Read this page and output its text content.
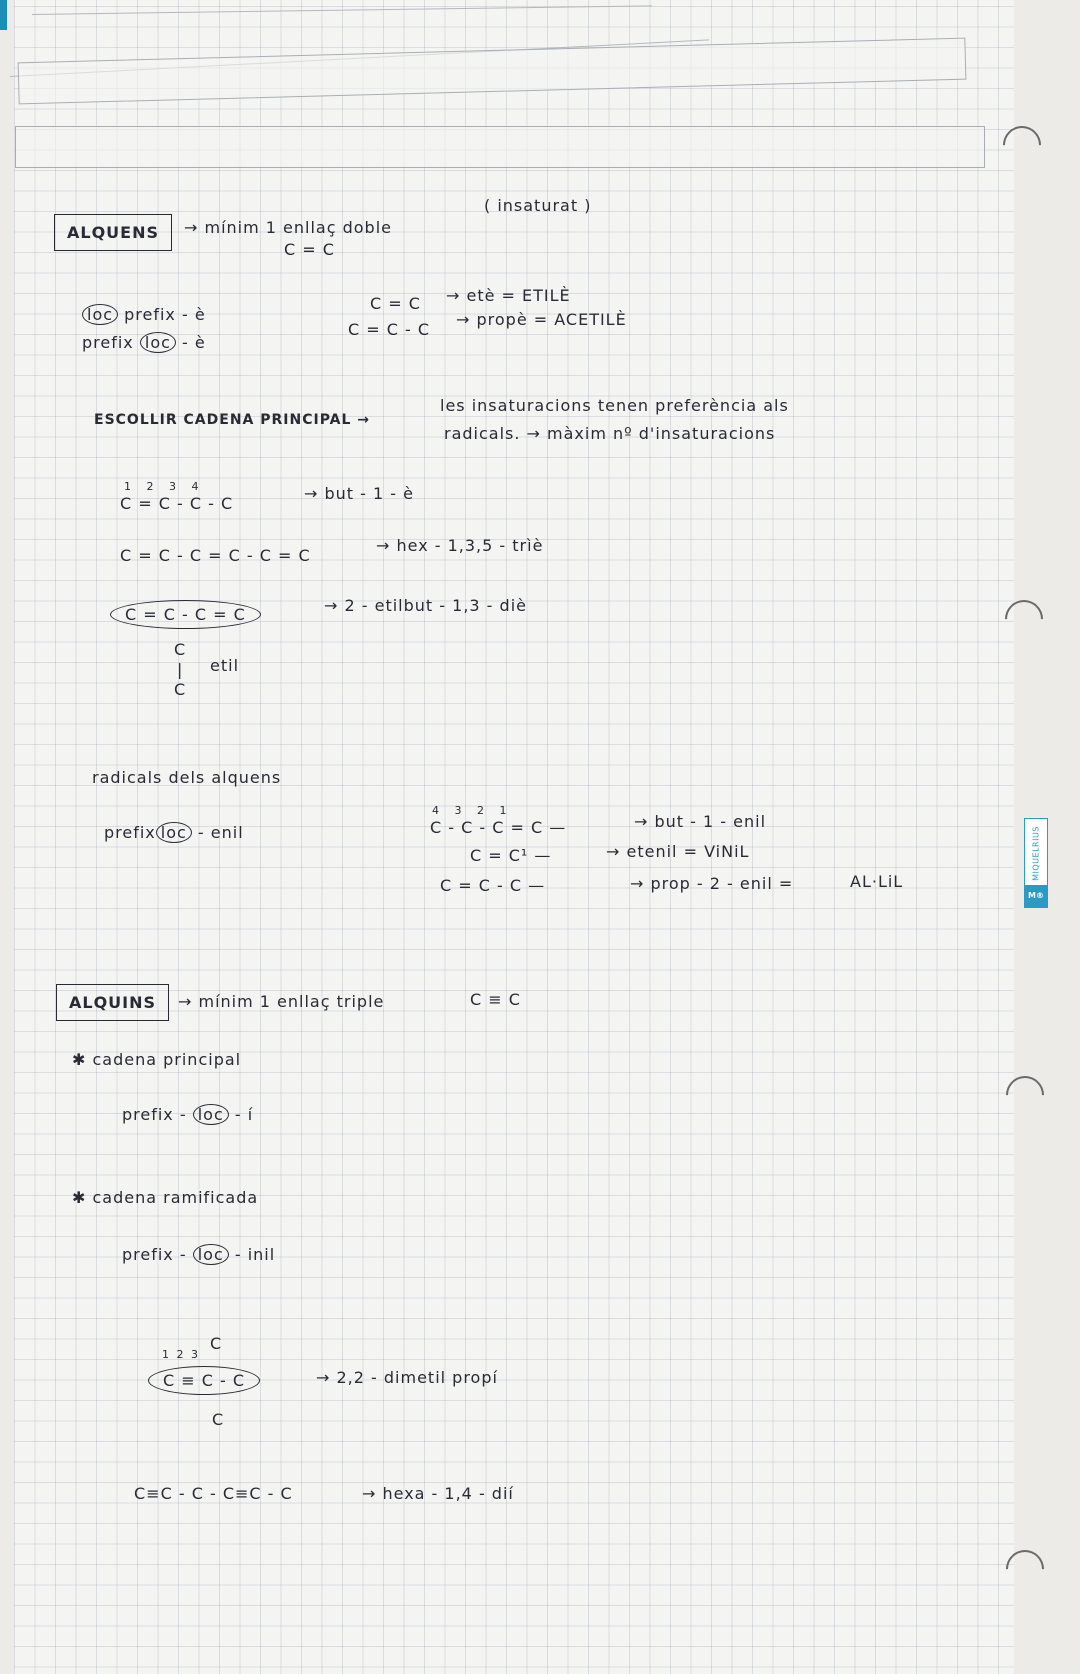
ALQUENS	→ mínim 1 enllaç doble
C = C
( insaturat )
loc prefix - è
prefix loc - è
C = C → etè = ETILÈ
C = C - C
→ propè = ACETILÈ
ESCOLLIR CADENA PRINCIPAL →
les insaturacions tenen preferència als
radicals. → màxim nº d'insaturacions
1 2 3 4
C = C - C - C
→ but - 1 - è
C = C - C = C - C = C
→ hex - 1,3,5 - trìè
C = C - C = C	→ 2 - etilbut - 1,3 - diè
C
|
C
etil
radicals dels alquens
prefix loc - enil
4 3 2 1
C - C - C = C —	→ but - 1 - enil
C = C¹ —	→ etenil = ViNiL
C = C - C —	→ prop - 2 - enil =	AL·LiL
ALQUINS	→ mínim 1 enllaç triple	C ≡ C
✱ cadena principal
prefix - loc - í
✱ cadena ramificada
prefix - loc - inil
C
1 2 3
C ≡ C - C
C
→ 2,2 - dimetil propí
C≡C - C - C≡C - C	→ hexa - 1,4 - dií
MIQUELRIUS
M®
